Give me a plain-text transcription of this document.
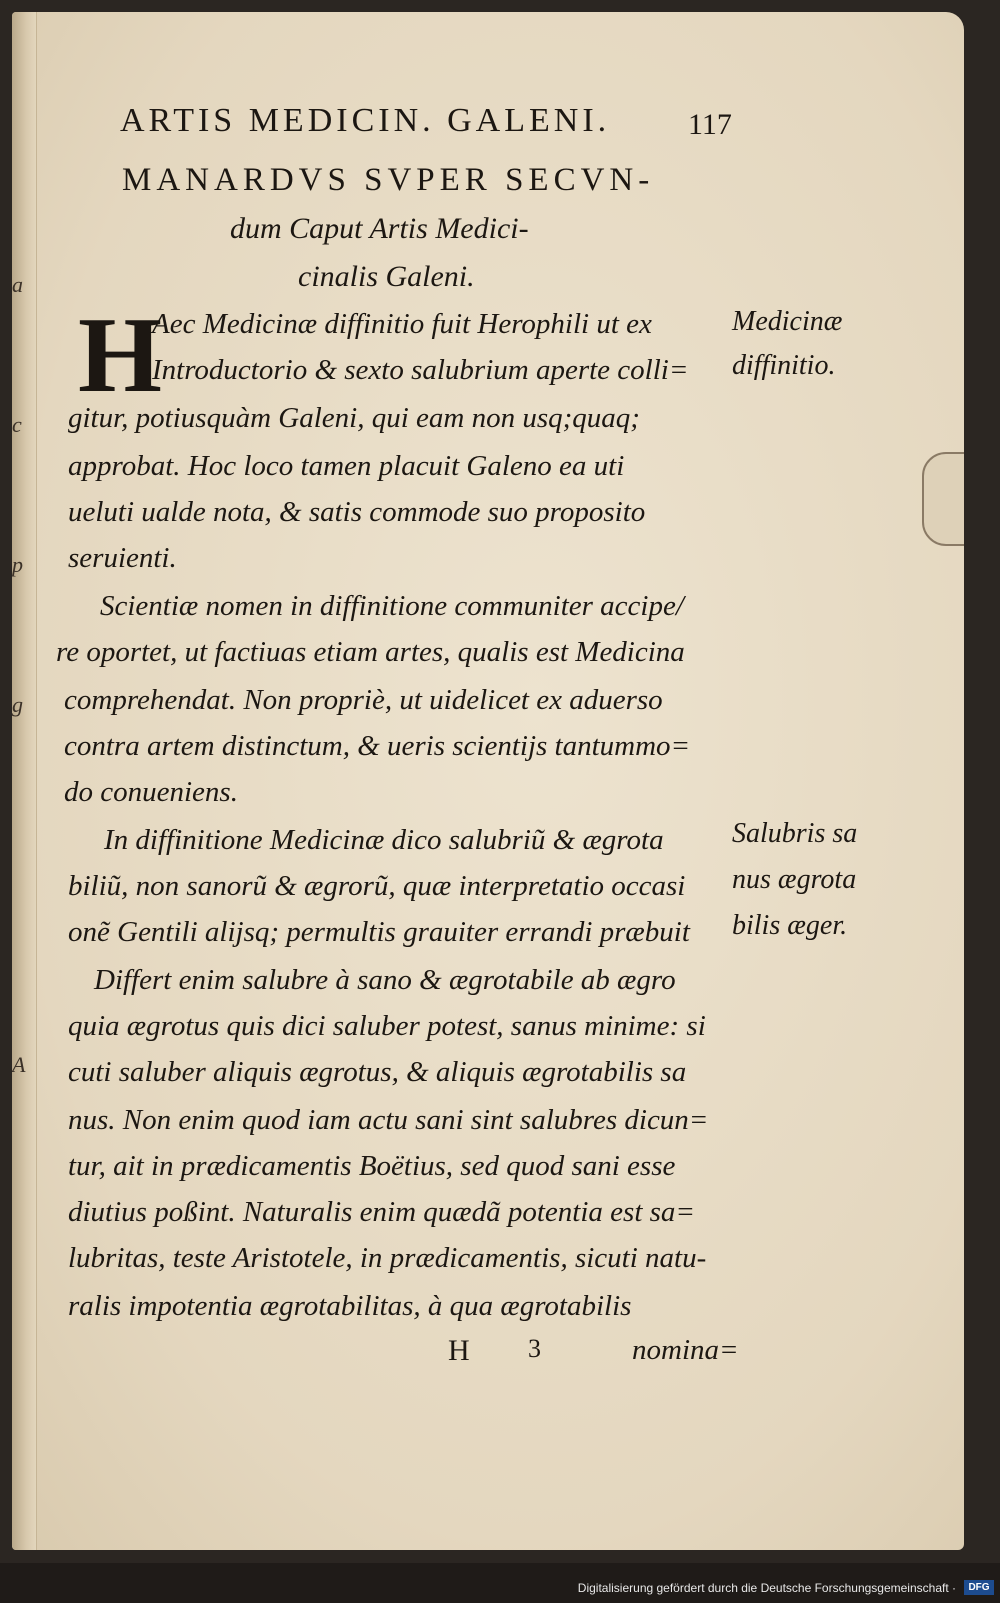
a
c
p
g
A
ARTIS MEDICIN. GALENI.	117
MANARDVS SVPER SECVN-
dum Caput Artis Medici-
cinalis Galeni.
H
Aec Medicinæ diffinitio fuit Herophili ut ex
Introductorio & sexto salubrium aperte colli=
gitur, potiusquàm Galeni, qui eam non usq;quaq;
approbat. Hoc loco tamen placuit Galeno ea uti
ueluti ualde nota, & satis commode suo proposito
seruienti.
Scientiæ nomen in diffinitione communiter accipe/
re oportet, ut factiuas etiam artes, qualis est Medicina
comprehendat. Non propriè, ut uidelicet ex aduerso
contra artem distinctum, & ueris scientijs tantummo=
do conueniens.
In diffinitione Medicinæ dico salubriũ & ægrota
biliũ, non sanorũ & ægrorũ, quæ interpretatio occasi
onẽ Gentili alijsq; permultis grauiter errandi præbuit
Differt enim salubre à sano & ægrotabile ab ægro
quia ægrotus quis dici saluber potest, sanus minime: si
cuti saluber aliquis ægrotus, & aliquis ægrotabilis sa
nus. Non enim quod iam actu sani sint salubres dicun=
tur, ait in prædicamentis Boëtius, sed quod sani esse
diutius poßint. Naturalis enim quædã potentia est sa=
lubritas, teste Aristotele, in prædicamentis, sicuti natu-
ralis impotentia ægrotabilitas, à qua ægrotabilis
Medicinæ
diffinitio.
Salubris sa
nus ægrota
bilis æger.
H 3	nomina=
Digitalisierung gefördert durch die Deutsche Forschungsgemeinschaft ·	DFG
